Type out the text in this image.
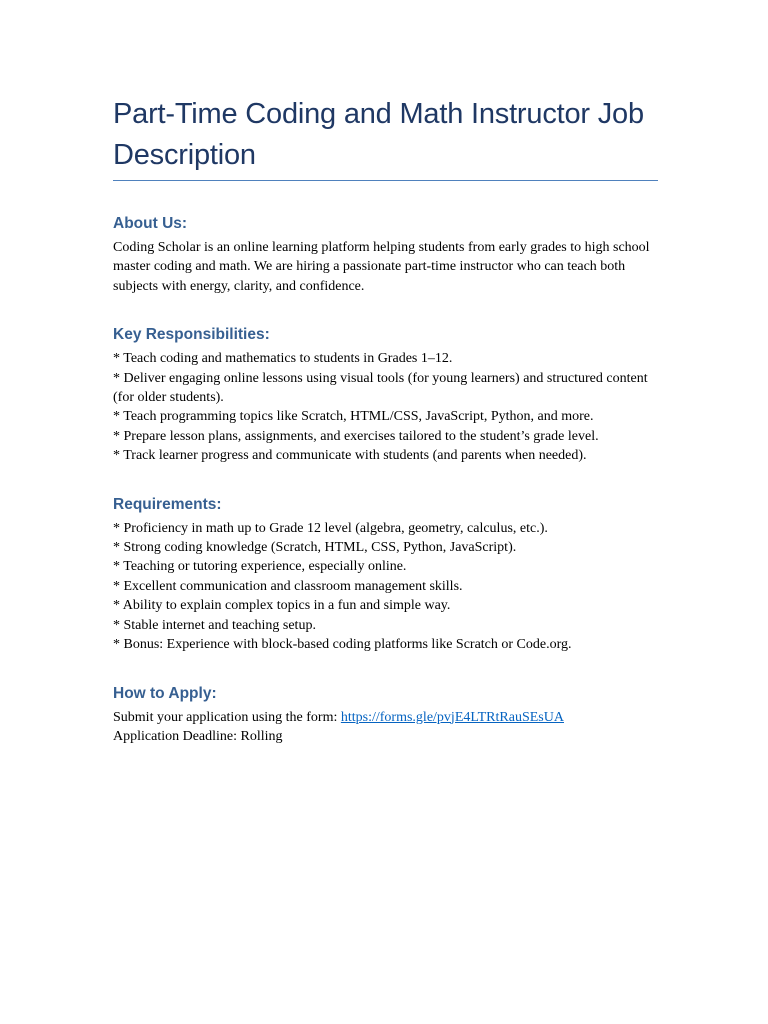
Part-Time Coding and Math Instructor Job Description
About Us:

Coding Scholar is an online learning platform helping students from early grades to high school master coding and math. We are hiring a passionate part-time instructor who can teach both subjects with energy, clarity, and confidence.

Key Responsibilities:
* Teach coding and mathematics to students in Grades 1–12.
* Deliver engaging online lessons using visual tools (for young learners) and structured content (for older students).
* Teach programming topics like Scratch, HTML/CSS, JavaScript, Python, and more.
* Prepare lesson plans, assignments, and exercises tailored to the student’s grade level.
* Track learner progress and communicate with students (and parents when needed).
Requirements:
* Proficiency in math up to Grade 12 level (algebra, geometry, calculus, etc.).
* Strong coding knowledge (Scratch, HTML, CSS, Python, JavaScript).
* Teaching or tutoring experience, especially online.
* Excellent communication and classroom management skills.
* Ability to explain complex topics in a fun and simple way.
* Stable internet and teaching setup.
* Bonus: Experience with block-based coding platforms like Scratch or Code.org.
How to Apply:

Submit your application using the form: https://forms.gle/pvjE4LTRtRauSEsUA

Application Deadline: Rolling
